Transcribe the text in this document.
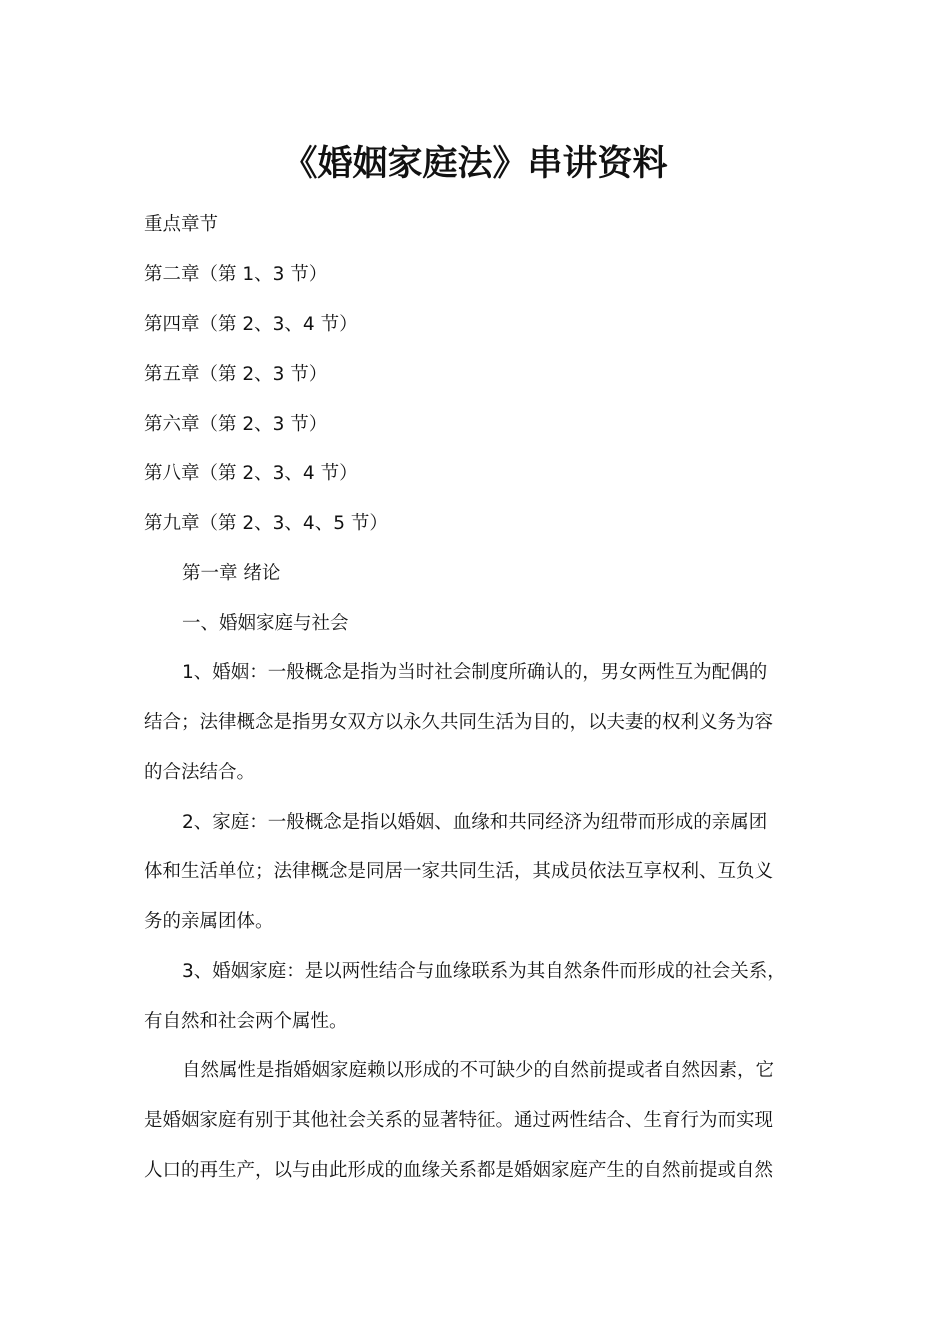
《婚姻家庭法》串讲资料
重点章节
第二章（第 1、3 节）
第四章（第 2、3、4 节）
第五章（第 2、3 节）
第六章（第 2、3 节）
第八章（第 2、3、4 节）
第九章（第 2、3、4、5 节）
第一章 绪论
一、婚姻家庭与社会
1、婚姻：一般概念是指为当时社会制度所确认的，男女两性互为配偶的
结合；法律概念是指男女双方以永久共同生活为目的，以夫妻的权利义务为容
的合法结合。
2、家庭：一般概念是指以婚姻、血缘和共同经济为纽带而形成的亲属团
体和生活单位；法律概念是同居一家共同生活，其成员依法互享权利、互负义
务的亲属团体。
3、婚姻家庭：是以两性结合与血缘联系为其自然条件而形成的社会关系，
有自然和社会两个属性。
自然属性是指婚姻家庭赖以形成的不可缺少的自然前提或者自然因素，它
是婚姻家庭有别于其他社会关系的显著特征。通过两性结合、生育行为而实现
人口的再生产，以与由此形成的血缘关系都是婚姻家庭产生的自然前提或自然
